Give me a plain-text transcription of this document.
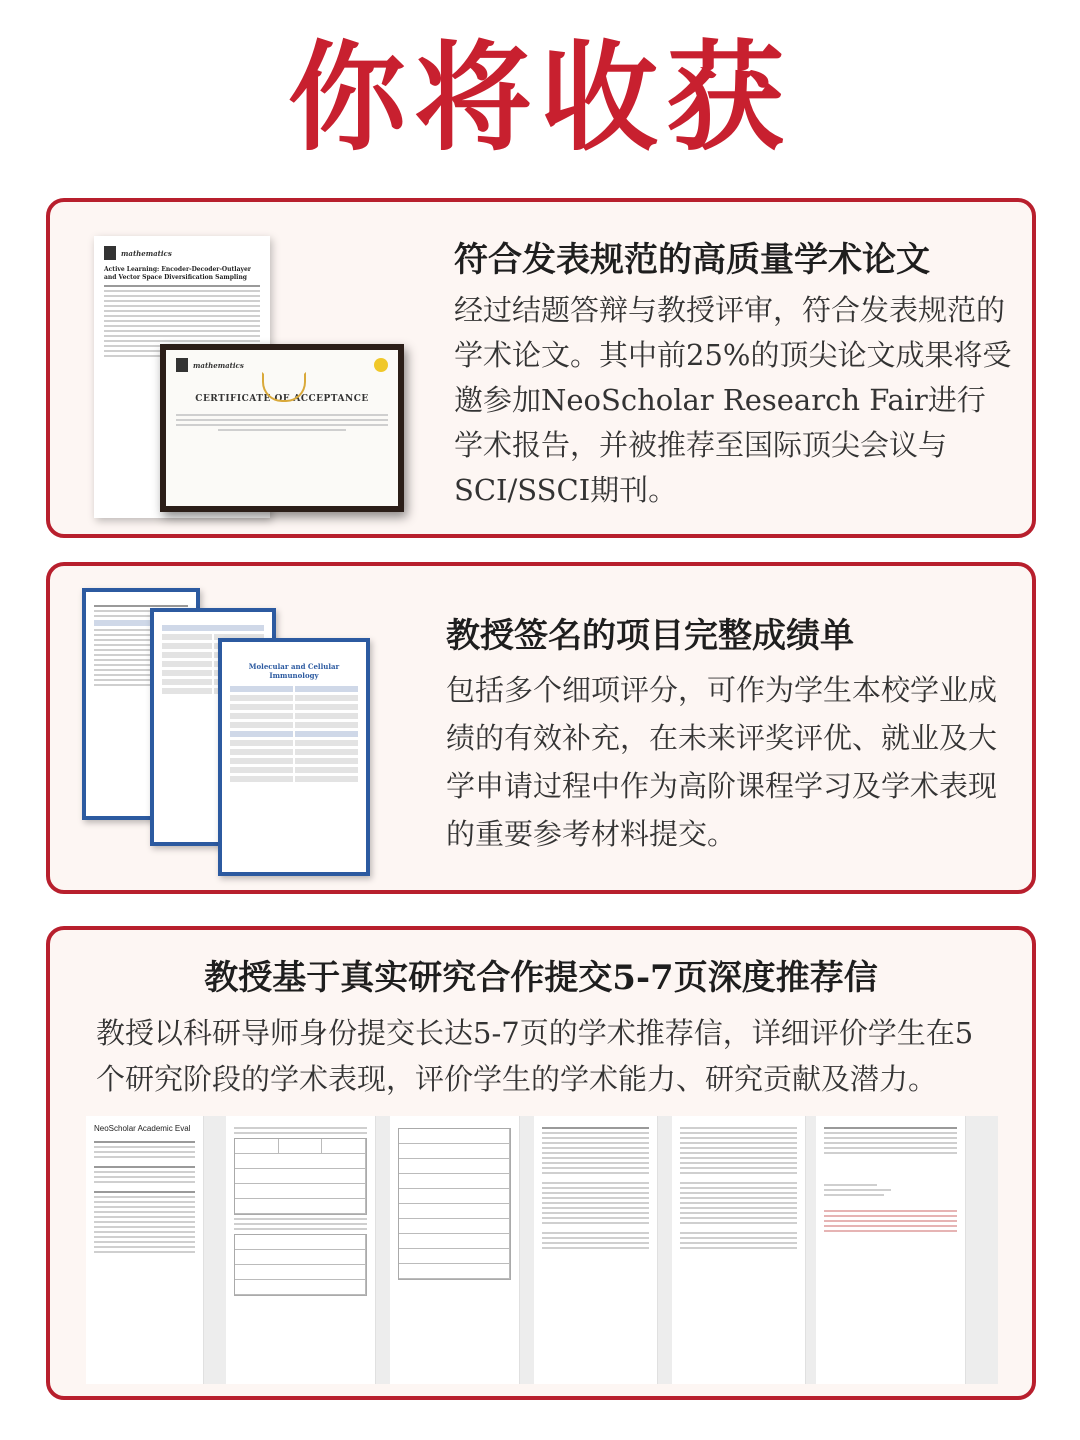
你将收获
mathematics
Active Learning: Encoder-Decoder-Outlayer and Vector Space Diversification Sampling
mathematics
CERTIFICATE OF ACCEPTANCE
符合发表规范的高质量学术论文

经过结题答辩与教授评审，符合发表规范的学术论文。其中前25%的顶尖论文成果将受邀参加NeoScholar Research Fair进行学术报告，并被推荐至国际顶尖会议与SCI/SSCI期刊。

Molecular and Cellular Immunology
教授签名的项目完整成绩单

包括多个细项评分，可作为学生本校学业成绩的有效补充，在未来评奖评优、就业及大学申请过程中作为高阶课程学习及学术表现的重要参考材料提交。

教授基于真实研究合作提交5-7页深度推荐信

教授以科研导师身份提交长达5-7页的学术推荐信，详细评价学生在5个研究阶段的学术表现，评价学生的学术能力、研究贡献及潜力。

NeoScholar Academic Eval
